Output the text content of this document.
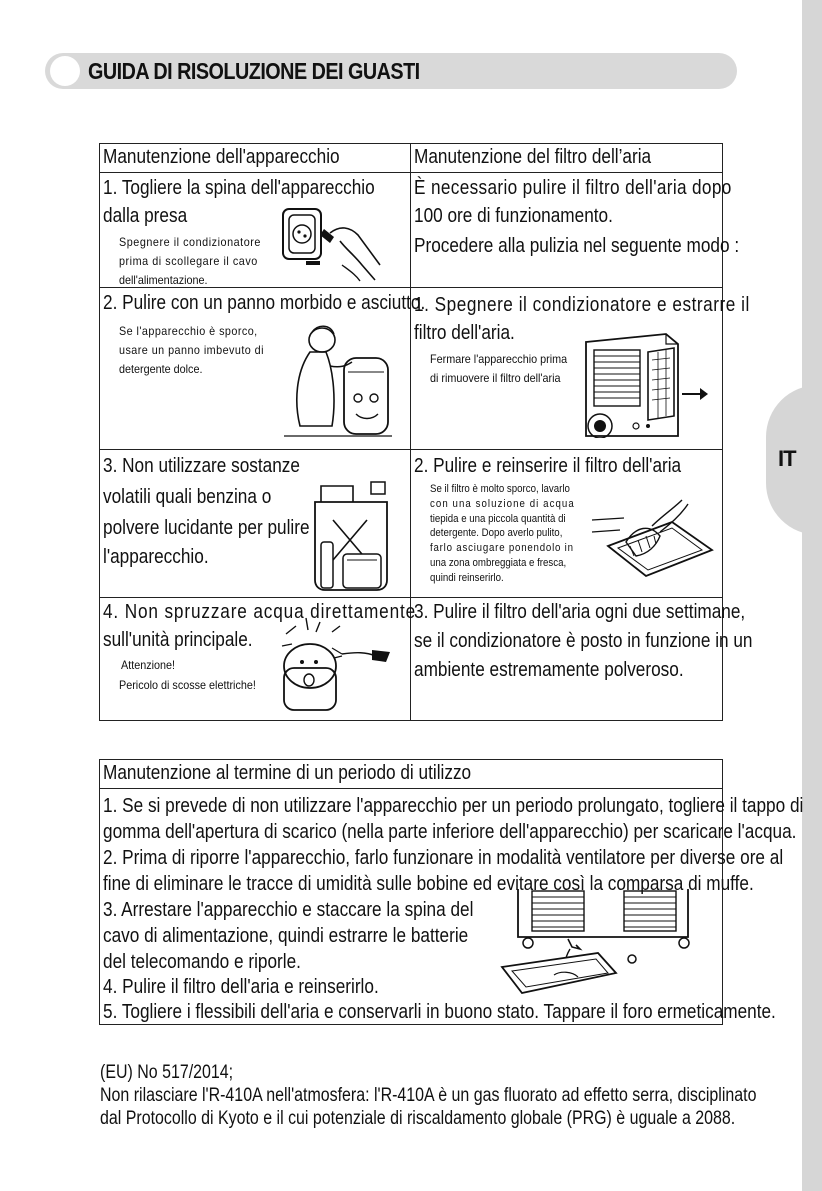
IT
GUIDA DI RISOLUZIONE DEI GUASTI
Manutenzione dell'apparecchio	Manutenzione del filtro dell’aria
1. Togliere la spina dell'apparecchio
dalla presa
Spegnere il condizionatore
prima di scollegare il cavo
dell'alimentazione.
2. Pulire con un panno morbido e asciutto.
Se l'apparecchio è sporco,
usare un panno imbevuto di
detergente dolce.
3. Non utilizzare sostanze
volatili quali benzina o
polvere lucidante per pulire
l'apparecchio.
4. Non spruzzare acqua direttamente
sull'unità principale.
Attenzione!
Pericolo di scosse elettriche!
È necessario pulire il filtro dell'aria dopo
100 ore di funzionamento.
Procedere alla pulizia nel seguente modo :
1. Spegnere il condizionatore e estrarre il
filtro dell'aria.
Fermare l'apparecchio prima
di rimuovere il filtro dell'aria
2. Pulire e reinserire il filtro dell'aria
Se il filtro è molto sporco, lavarlo
con una soluzione di acqua
tiepida e una piccola quantità di
detergente. Dopo averlo pulito,
farlo asciugare ponendolo in
una zona ombreggiata e fresca,
quindi reinserirlo.
3. Pulire il filtro dell'aria ogni due settimane,
se il condizionatore è posto in funzione in un
ambiente estremamente polveroso.
Manutenzione al termine di un periodo di utilizzo
1. Se si prevede di non utilizzare l'apparecchio per un periodo prolungato, togliere il tappo di
gomma dell'apertura di scarico (nella parte inferiore dell'apparecchio) per scaricare l'acqua.
2. Prima di riporre l'apparecchio, farlo funzionare in modalità ventilatore per diverse ore al
fine di eliminare le tracce di umidità sulle bobine ed evitare così la comparsa di muffe.
3. Arrestare l'apparecchio e staccare la spina del
cavo di alimentazione, quindi estrarre le batterie
del telecomando e riporle.
4. Pulire il filtro dell'aria e reinserirlo.
5. Togliere i flessibili dell'aria e conservarli in buono stato. Tappare il foro ermeticamente.
(EU) No 517/2014;
Non rilasciare l'R-410A nell'atmosfera: l'R-410A è un gas fluorato ad effetto serra, disciplinato
dal Protocollo di Kyoto e il cui potenziale di riscaldamento globale (PRG) è uguale a 2088.
